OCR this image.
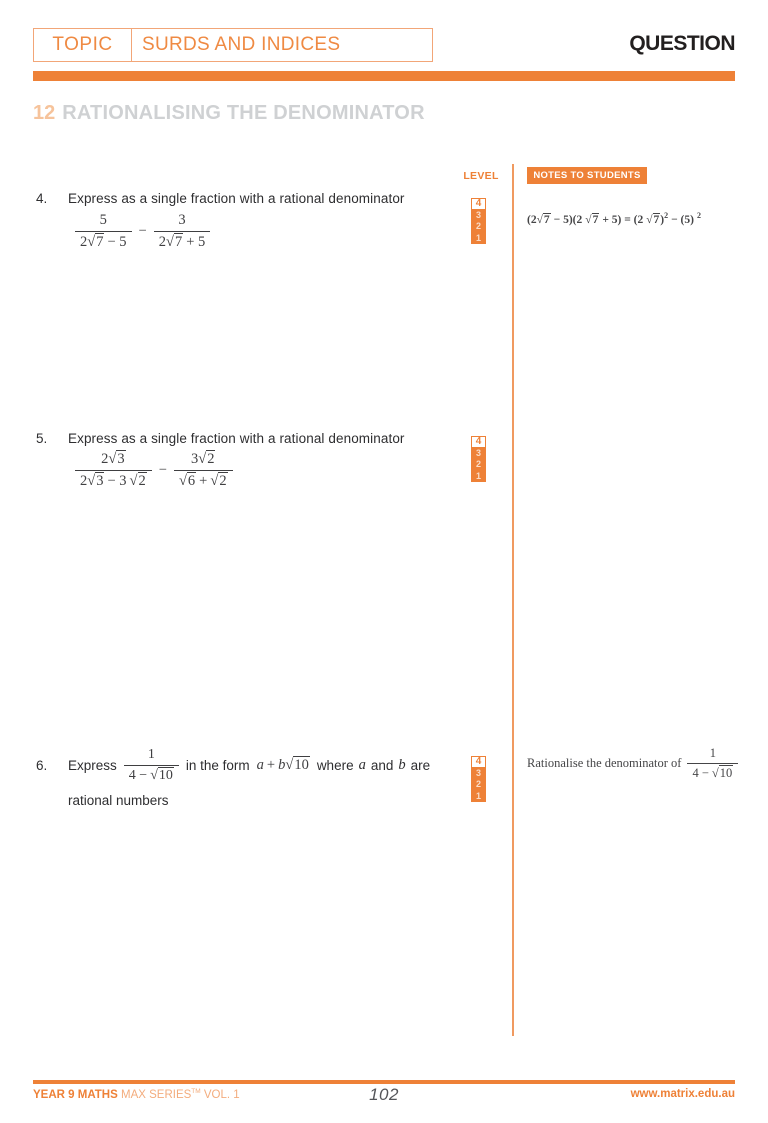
TOPIC	SURDS AND INDICES	QUESTION
12 RATIONALISING THE DENOMINATOR
LEVEL	NOTES TO STUDENTS
4.	Express as a single fraction with a rational denominator
$\frac{5}{2 √ 7 - 5} - \frac{3}{2 √ 7 + 5}$
4
3
2
1
(2 √ 7 − 5)(2 √ 7 + 5) = (2 √ 7)$^2$ − (5) $^2$
5.	Express as a single fraction with a rational denominator
$\frac{2 √ 3}{2 √ 3 - 3 √ 2} - 3$ √ 2
√ 6 + √ 2
4
3
2
1
6.	Express $\frac{1}{4 - √ 10}$ in the form a + b √ 10 where a and b are
rational numbers
4
3
2
1
Rationalise the denominator of $\frac{1}{4 - √ 10}$
YEAR 9 MATHS MAX SERIES™ VOL. 1	102	www.matrix.edu.au
